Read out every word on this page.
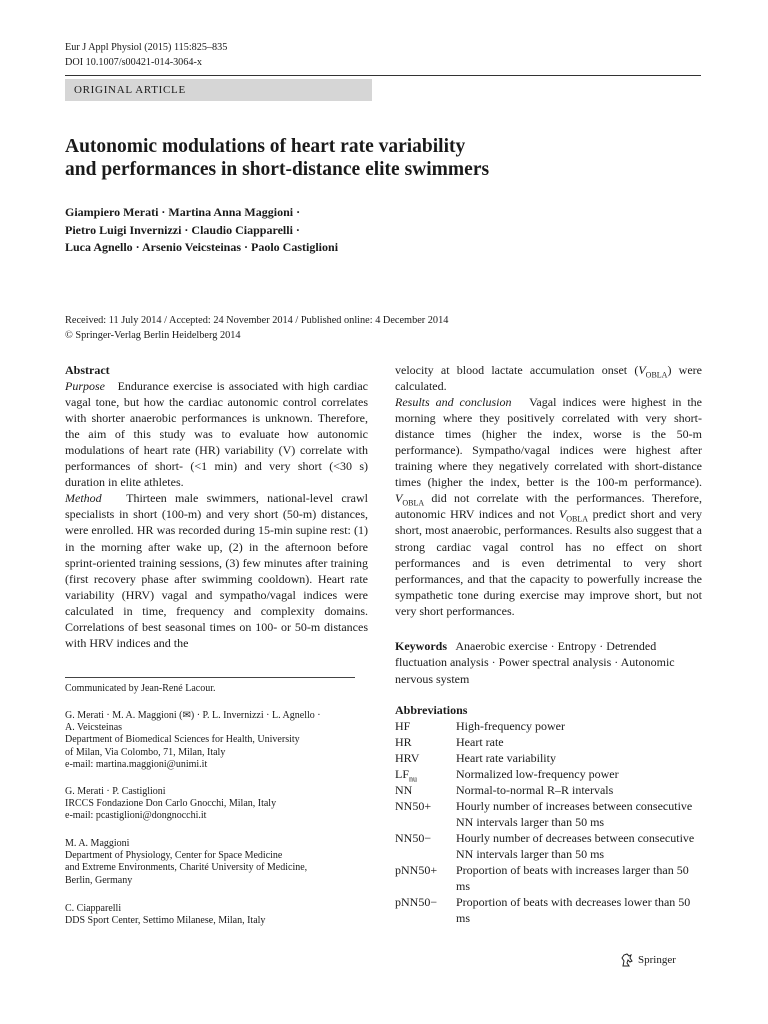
Eur J Appl Physiol (2015) 115:825–835
DOI 10.1007/s00421-014-3064-x
ORIGINAL ARTICLE
Autonomic modulations of heart rate variability
and performances in short-distance elite swimmers
Giampiero Merati · Martina Anna Maggioni ·
Pietro Luigi Invernizzi · Claudio Ciapparelli ·
Luca Agnello · Arsenio Veicsteinas · Paolo Castiglioni
Received: 11 July 2014 / Accepted: 24 November 2014 / Published online: 4 December 2014
© Springer-Verlag Berlin Heidelberg 2014
Abstract
Purpose Endurance exercise is associated with high cardiac vagal tone, but how the cardiac autonomic control correlates with shorter anaerobic performances is unknown. Therefore, the aim of this study was to evaluate how autonomic modulations of heart rate (HR) variability (V) correlate with performances of short- (<1 min) and very short (<30 s) duration in elite athletes.
Method Thirteen male swimmers, national-level crawl specialists in short (100-m) and very short (50-m) distances, were enrolled. HR was recorded during 15-min supine rest: (1) in the morning after wake up, (2) in the afternoon before sprint-oriented training sessions, (3) few minutes after training (first recovery phase after swimming cooldown). Heart rate variability (HRV) vagal and sympatho/vagal indices were calculated in time, frequency and complexity domains. Correlations of best seasonal times on 100- or 50-m distances with HRV indices and the
velocity at blood lactate accumulation onset $(V_{OBLA})$ were calculated.
Results and conclusion Vagal indices were highest in the morning where they positively correlated with very short-distance times (higher the index, worse is the 50-m performance). Sympatho/vagal indices were highest after training where they negatively correlated with short-distance times (higher the index, better is the 100-m performance). $V_{OBLA}$ did not correlate with the performances. Therefore, autonomic HRV indices and not $V_{OBLA}$ predict short and very short, most anaerobic, performances. Results also suggest that a strong cardiac vagal control has no effect on short performances and is even detrimental to very short performances, and that the capacity to powerfully increase the sympathetic tone during exercise may improve short, but not very short performances.
Keywords Anaerobic exercise · Entropy · Detrended fluctuation analysis · Power spectral analysis · Autonomic nervous system
Communicated by Jean-René Lacour.
G. Merati · M. A. Maggioni (✉) · P. L. Invernizzi · L. Agnello ·
A. Veicsteinas
Department of Biomedical Sciences for Health, University
of Milan, Via Colombo, 71, Milan, Italy
e-mail: martina.maggioni@unimi.it
G. Merati · P. Castiglioni
IRCCS Fondazione Don Carlo Gnocchi, Milan, Italy
e-mail: pcastiglioni@dongnocchi.it
M. A. Maggioni
Department of Physiology, Center for Space Medicine
and Extreme Environments, Charité University of Medicine,
Berlin, Germany
C. Ciapparelli
DDS Sport Center, Settimo Milanese, Milan, Italy
Abbreviations
HF	High-frequency power
HR	Heart rate
HRV	Heart rate variability
$LF_{nu}$	Normalized low-frequency power
NN	Normal-to-normal R–R intervals
NN50+	Hourly number of increases between consecutive NN intervals larger than 50 ms
NN50−	Hourly number of decreases between consecutive NN intervals larger than 50 ms
pNN50+	Proportion of beats with increases larger than 50 ms
pNN50−	Proportion of beats with decreases lower than 50 ms
Springer
